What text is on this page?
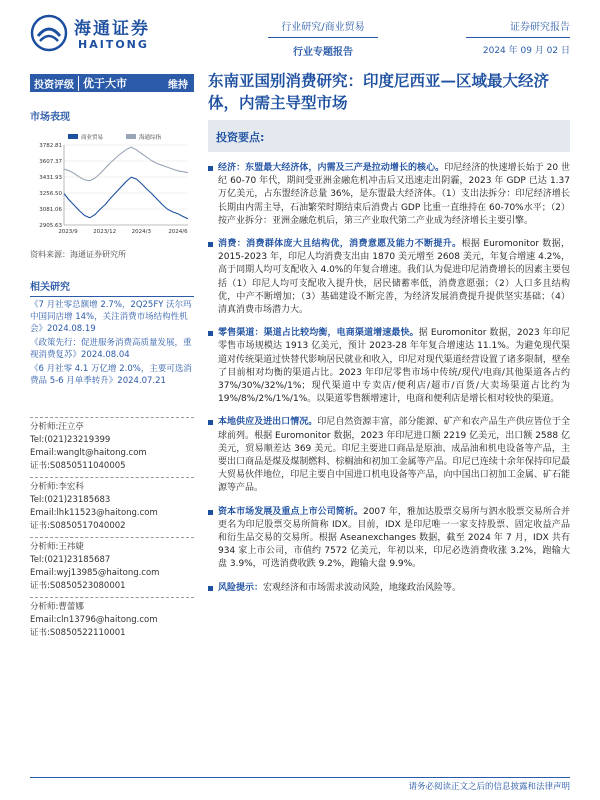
海通证券
HAITONG
行业研究/商业贸易
行业专题报告
证券研究报告
2024 年 09 月 02 日
投资评级 优于大市	维持
市场表现
商业贸易	海通综指
3782.81
3607.37
3431.93
3256.50
3081.06
2905.63
2023/9	2023/12	2024/3	2024/6
资料来源：海通证券研究所
相关研究
《7 月社零总额增 2.7%，2Q25FY 沃尔玛中国同店增 14%，关注消费市场结构性机会》2024.08.19
《政策先行：促进服务消费高质量发展，重视消费复苏》2024.08.04
《6 月社零 4.1 万亿增 2.0%，主要可选消费品 5-6 月单季转升》2024.07.21
分析师:汪立亭
Tel:(021)23219399
Email:wanglt@haitong.com
证书:S0850511040005
分析师:李宏科
Tel:(021)23185683
Email:lhk11523@haitong.com
证书:S0850517040002
分析师:王祎婕
Tel:(021)23185687
Email:wyj13985@haitong.com
证书:S0850523080001
分析师:曹蕾娜
Email:cln13796@haitong.com
证书:S0850522110001
东南亚国别消费研究：印度尼西亚—区域最大经济体，内需主导型市场
投资要点:
经济：东盟最大经济体，内需及三产是拉动增长的核心。印尼经济的快速增长始于 20 世纪 60-70 年代，期间受亚洲金融危机冲击后又迅速走出阴霾，2023 年 GDP 已达 1.37 万亿美元，占东盟经济总量 36%，是东盟最大经济体。（1）支出法拆分：印尼经济增长长期由内需主导，石油繁荣时期结束后消费占 GDP 比重一直维持在 60-70%水平；（2）按产业拆分：亚洲金融危机后，第三产业取代第二产业成为经济增长主要引擎。
消费：消费群体庞大且结构优，消费意愿及能力不断提升。根据 Euromonitor 数据，2015-2023 年，印尼人均消费支出由 1870 美元增至 2608 美元，年复合增速 4.2%，高于同期人均可支配收入 4.0%的年复合增速。我们认为促进印尼消费增长的因素主要包括（1）印尼人均可支配收入提升快，居民储蓄率低，消费意愿强；（2）人口多且结构优，中产不断增加；（3）基础建设不断完善，为经济发展消费提升提供坚实基础；（4）清真消费市场潜力大。
零售渠道：渠道占比较均衡，电商渠道增速最快。据 Euromonitor 数据，2023 年印尼零售市场规模达 1913 亿美元，预计 2023-28 年年复合增速达 11.1%。为避免现代渠道对传统渠道过快替代影响居民就业和收入，印尼对现代渠道经营设置了诸多限制，壁垒了目前相对均衡的渠道占比。2023 年印尼零售市场中传统/现代/电商/其他渠道各占约 37%/30%/32%/1%；现代渠道中专卖店/便利店/超市/百货/大卖场渠道占比约为 19%/8%/2%/1%/1%。以渠道零售额增速计，电商和便利店是增长相对较快的渠道。
本地供应及进出口情况。印尼自然资源丰富，部分能源、矿产和农产品生产供应皆位于全球前列。根据 Euromonitor 数据，2023 年印尼进口额 2219 亿美元，出口额 2588 亿美元，贸易顺差达 369 美元。印尼主要进口商品是原油、成品油和机电设备等产品，主要出口商品是煤及煤制燃料、棕榈油和初加工金属等产品。印尼已连续十余年保持印尼最大贸易伙伴地位，印尼主要自中国进口机电设备等产品，向中国出口初加工金属、矿石能源等产品。
资本市场发展及重点上市公司简析。2007 年，雅加达股票交易所与泗水股票交易所合并更名为印尼股票交易所简称 IDX。目前，IDX 是印尼唯一一家支持股票、固定收益产品和衍生品交易的交易所。根据 Aseanexchanges 数据，截至 2024 年 7 月，IDX 共有 934 家上市公司，市值约 7572 亿美元，年初以来，印尼必选消费收涨 3.2%，跑输大盘 3.9%，可选消费收跌 9.2%，跑输大盘 9.9%。
风险提示：宏观经济和市场需求波动风险，地缘政治风险等。
请务必阅读正文之后的信息披露和法律声明
